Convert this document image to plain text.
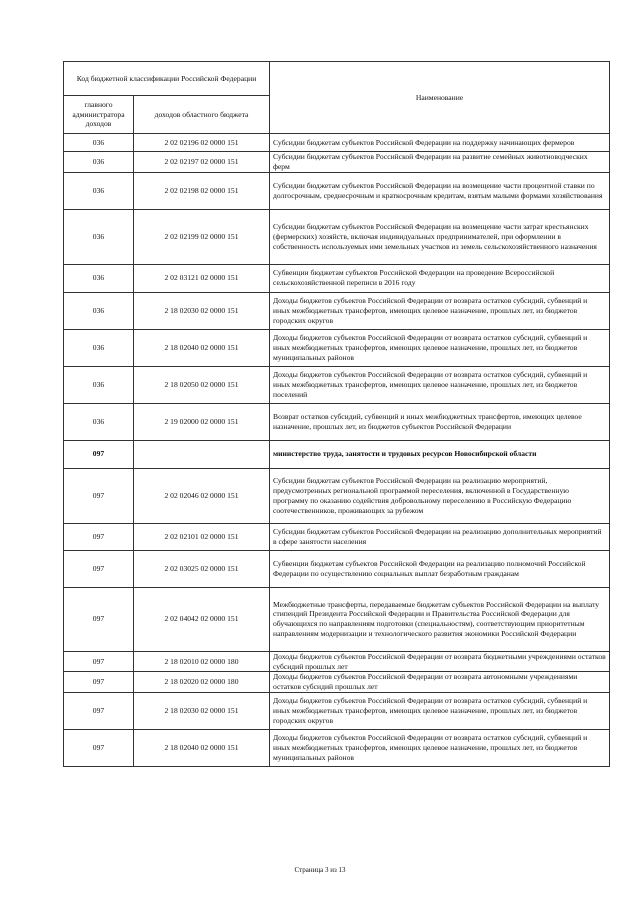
Код бюджетной классификации Российской Федерации		Наименование
главного администратора доходов	доходов областного бюджета	
036	2 02 02196 02 0000 151	Субсидии бюджетам субъектов Российской Федерации на поддержку начинающих фермеров
036	2 02 02197 02 0000 151	Субсидии бюджетам субъектов Российской Федерации на развитие семейных животноводческих ферм
036	2 02 02198 02 0000 151	Субсидии бюджетам субъектов Российской Федерации на возмещение части процентной ставки по долгосрочным, среднесрочным и краткосрочным кредитам, взятым малыми формами хозяйствования
036	2 02 02199 02 0000 151	Субсидии бюджетам субъектов Российской Федерации на возмещение части затрат крестьянских (фермерских) хозяйств, включая индивидуальных предпринимателей, при оформлении в собственность используемых ими земельных участков из земель сельскохозяйственного назначения
036	2 02 03121 02 0000 151	Субвенции бюджетам субъектов Российской Федерации на проведение Всероссийской сельскохозяйственной переписи в 2016 году
036	2 18 02030 02 0000 151	Доходы бюджетов субъектов Российской Федерации от возврата остатков субсидий, субвенций и иных межбюджетных трансфертов, имеющих целевое назначение, прошлых лет, из бюджетов городских округов
036	2 18 02040 02 0000 151	Доходы бюджетов субъектов Российской Федерации от возврата остатков субсидий, субвенций и иных межбюджетных трансфертов, имеющих целевое назначение, прошлых лет, из бюджетов муниципальных районов
036	2 18 02050 02 0000 151	Доходы бюджетов субъектов Российской Федерации от возврата остатков субсидий, субвенций и иных межбюджетных трансфертов, имеющих целевое назначение, прошлых лет, из бюджетов поселений
036	2 19 02000 02 0000 151	Возврат остатков субсидий, субвенций и иных межбюджетных трансфертов, имеющих целевое назначение, прошлых лет, из бюджетов субъектов Российской Федерации
097		министерство труда, занятости и трудовых ресурсов Новосибирской области
097	2 02 02046 02 0000 151	Субсидии бюджетам субъектов Российской Федерации на реализацию мероприятий, предусмотренных региональной программой переселения, включенной в Государственную программу по оказанию содействия добровольному переселению в Российскую Федерацию соотечественников, проживающих за рубежом
097	2 02 02101 02 0000 151	Субсидии бюджетам субъектов Российской Федерации на реализацию дополнительных мероприятий в сфере занятости населения
097	2 02 03025 02 0000 151	Субвенции бюджетам субъектов Российской Федерации на реализацию полномочий Российской Федерации по осуществлению социальных выплат безработным гражданам
097	2 02 04042 02 0000 151	Межбюджетные трансферты, передаваемые бюджетам субъектов Российской Федерации на выплату стипендий Президента Российской Федерации и Правительства Российской Федерации для обучающихся по направлениям подготовки (специальностям), соответствующим приоритетным направлениям модернизации и технологического развития экономики Российской Федерации
097	2 18 02010 02 0000 180	Доходы бюджетов субъектов Российской Федерации от возврата бюджетными учреждениями остатков субсидий прошлых лет
097	2 18 02020 02 0000 180	Доходы бюджетов субъектов Российской Федерации от возврата автономными учреждениями остатков субсидий прошлых лет
097	2 18 02030 02 0000 151	Доходы бюджетов субъектов Российской Федерации от возврата остатков субсидий, субвенций и иных межбюджетных трансфертов, имеющих целевое назначение, прошлых лет, из бюджетов городских округов
097	2 18 02040 02 0000 151	Доходы бюджетов субъектов Российской Федерации от возврата остатков субсидий, субвенций и иных межбюджетных трансфертов, имеющих целевое назначение, прошлых лет, из бюджетов муниципальных районов
Страница 3 из 13
